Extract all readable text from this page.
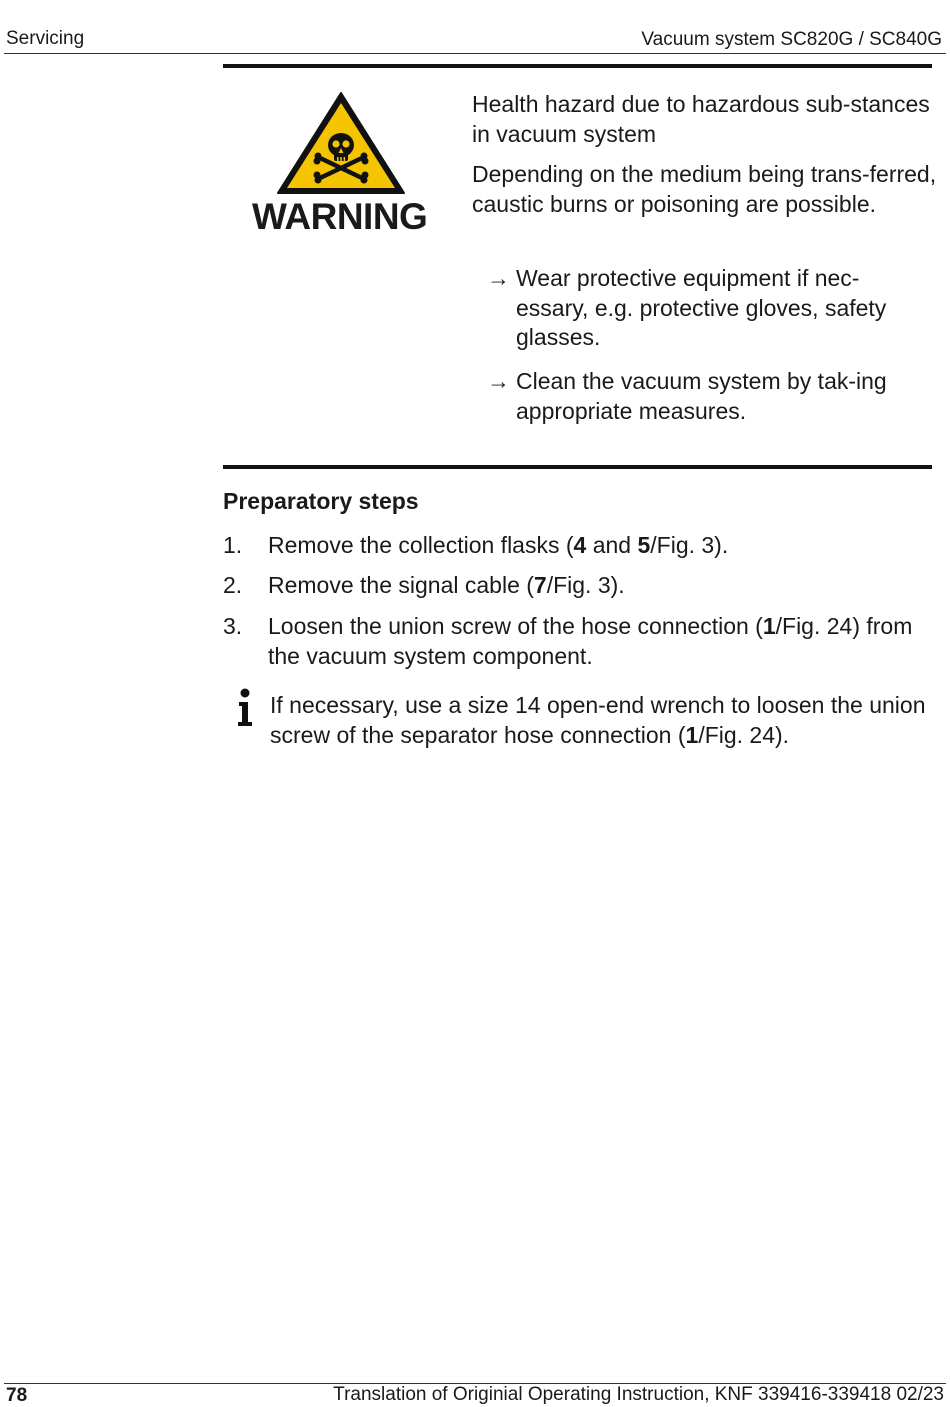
Servicing	Vacuum system SC820G / SC840G
WARNING
Health hazard due to hazardous sub-stances in vacuum system
Depending on the medium being trans-ferred, caustic burns or poisoning are possible.
→ Wear protective equipment if nec-essary, e.g. protective gloves, safety glasses.
→ Clean the vacuum system by tak-ing appropriate measures.
Preparatory steps
1.	Remove the collection flasks (4 and 5/Fig. 3).
2.	Remove the signal cable (7/Fig. 3).
3.	Loosen the union screw of the hose connection (1/Fig. 24) from the vacuum system component.
If necessary, use a size 14 open-end wrench to loosen the union screw of the separator hose connection (1/Fig. 24).
78	Translation of Originial Operating Instruction, KNF 339416-339418 02/23
